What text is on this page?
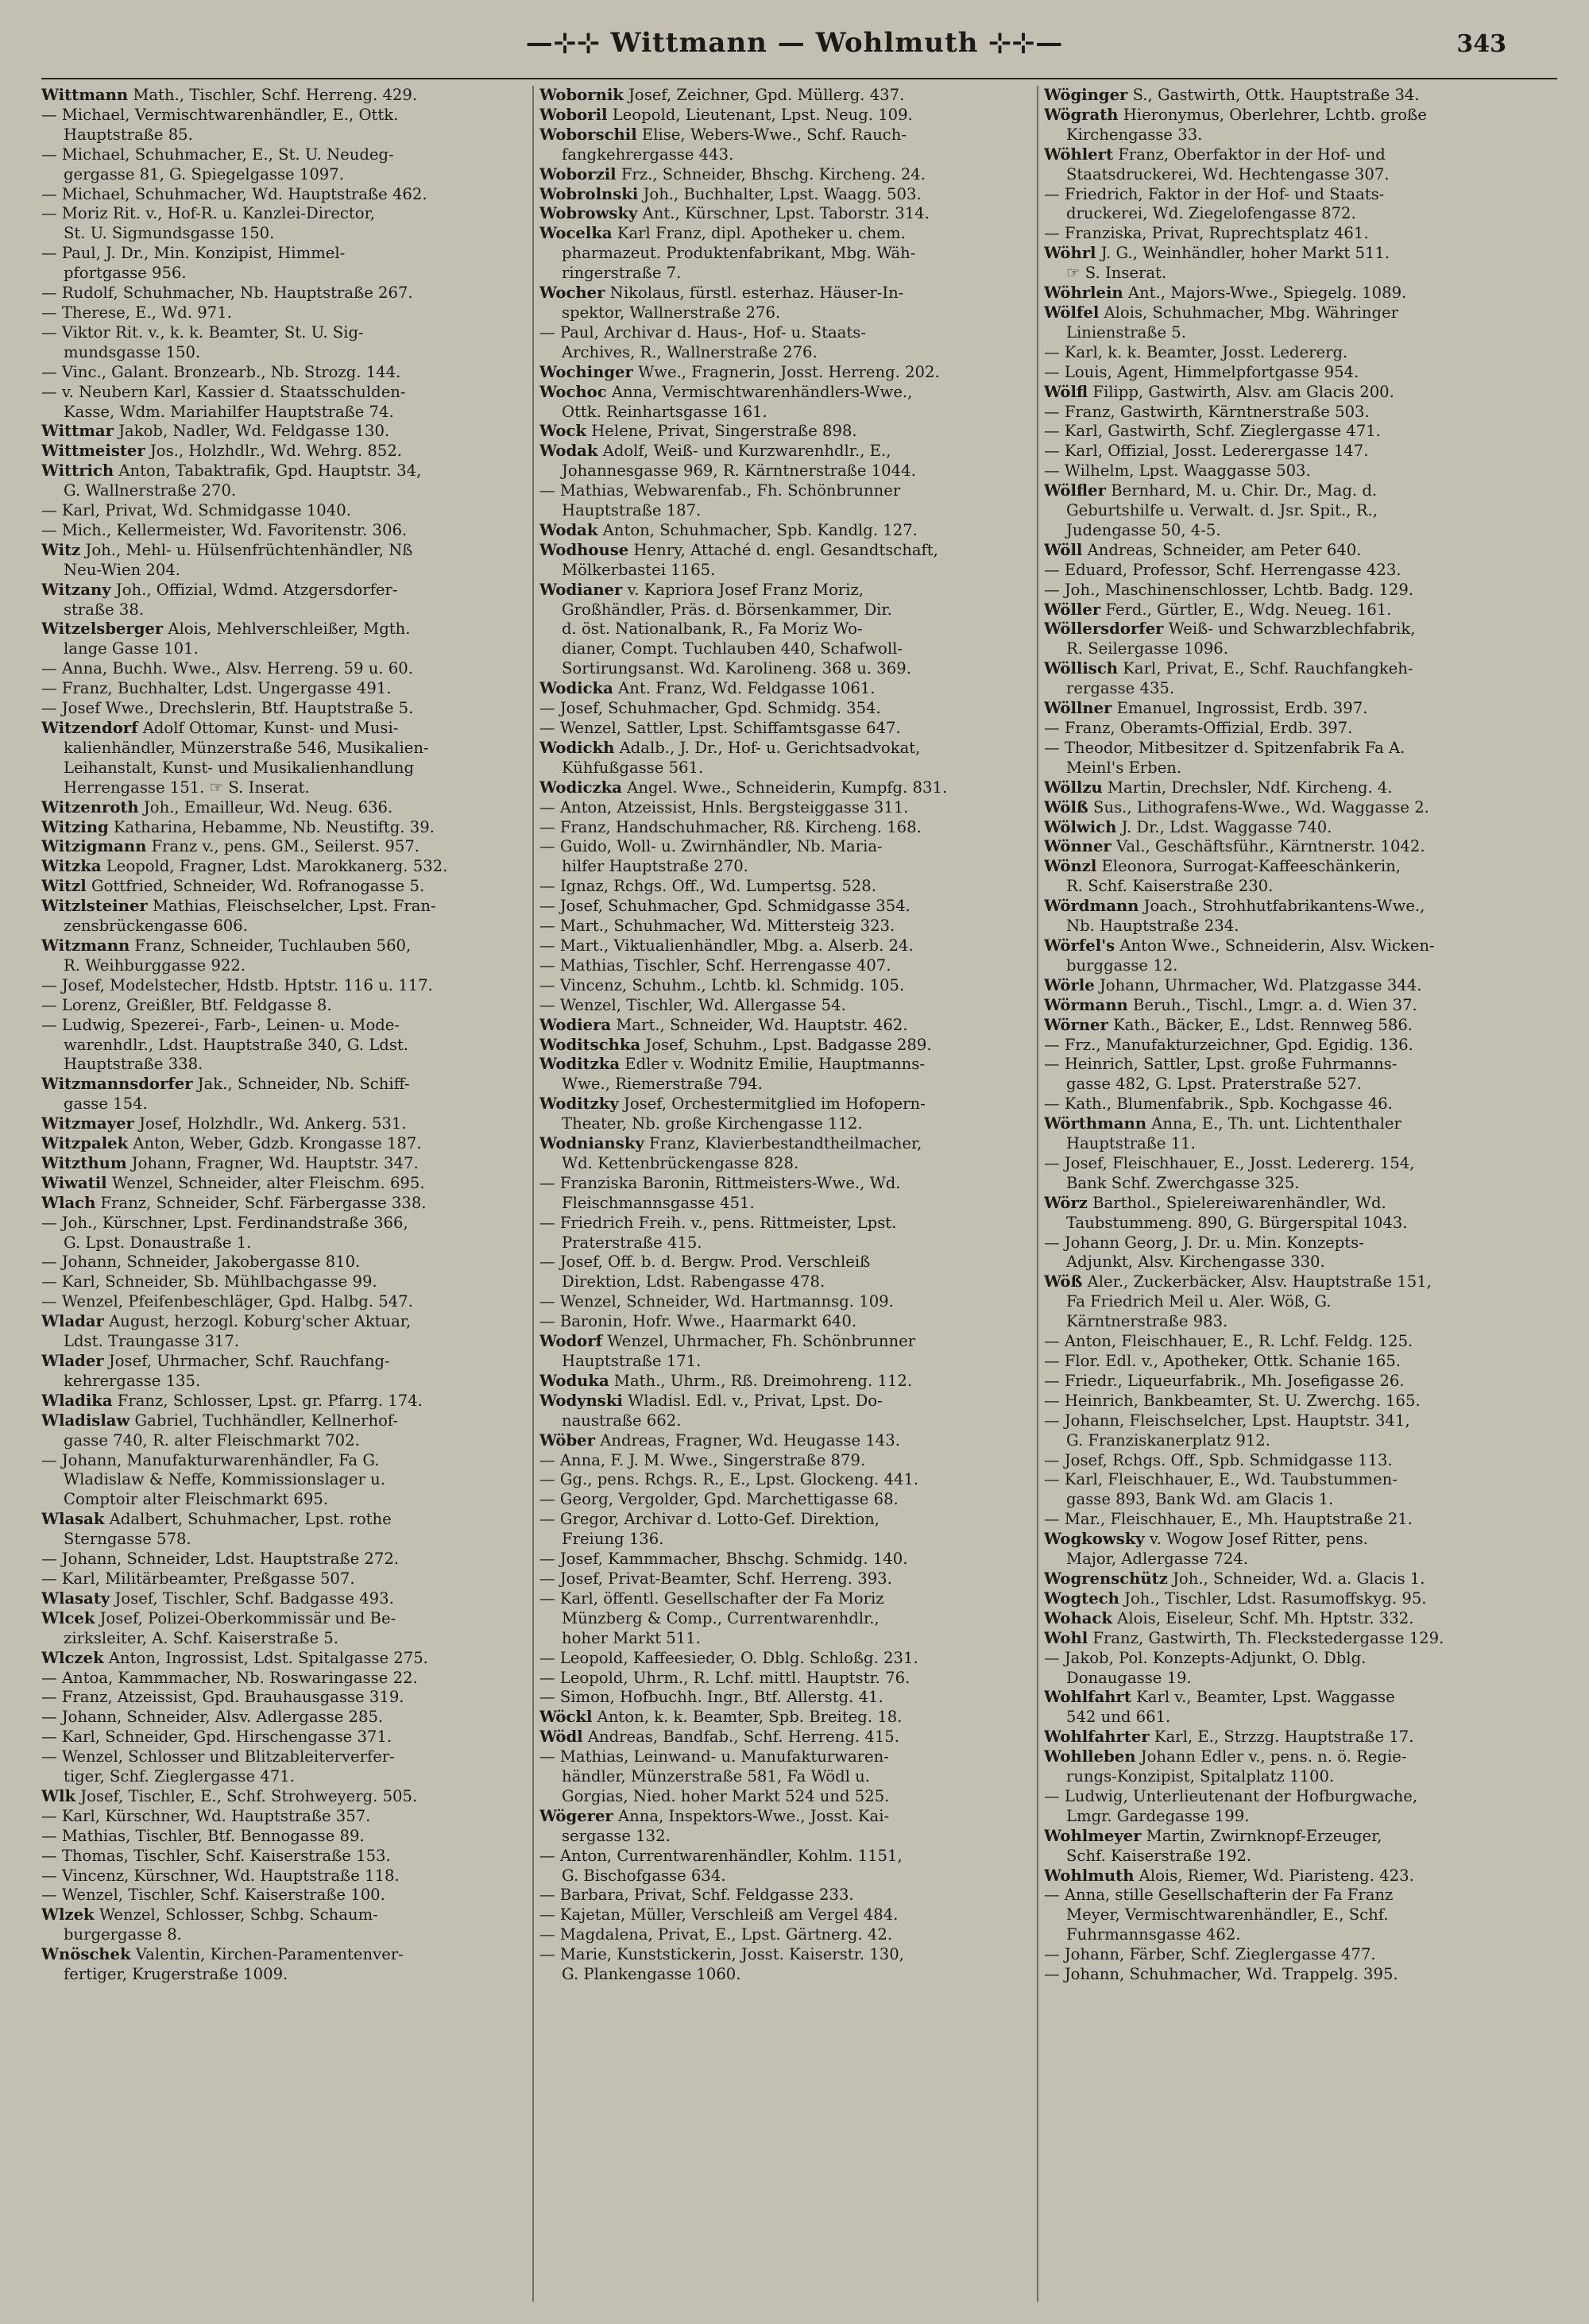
—⊹⊹ Wittmann — Wohlmuth ⊹⊹—	343
Wittmann Math., Tischler, Schf. Herreng. 429.
— Michael, Vermischtwarenhändler, E., Ottk.
Hauptstraße 85.
— Michael, Schuhmacher, E., St. U. Neudeg-
gergasse 81, G. Spiegelgasse 1097.
— Michael, Schuhmacher, Wd. Hauptstraße 462.
— Moriz Rit. v., Hof-R. u. Kanzlei-Director,
St. U. Sigmundsgasse 150.
— Paul, J. Dr., Min. Konzipist, Himmel-
pfortgasse 956.
— Rudolf, Schuhmacher, Nb. Hauptstraße 267.
— Therese, E., Wd. 971.
— Viktor Rit. v., k. k. Beamter, St. U. Sig-
mundsgasse 150.
— Vinc., Galant. Bronzearb., Nb. Strozg. 144.
— v. Neubern Karl, Kassier d. Staatsschulden-
Kasse, Wdm. Mariahilfer Hauptstraße 74.
Wittmar Jakob, Nadler, Wd. Feldgasse 130.
Wittmeister Jos., Holzhdlr., Wd. Wehrg. 852.
Wittrich Anton, Tabaktrafik, Gpd. Hauptstr. 34,
G. Wallnerstraße 270.
— Karl, Privat, Wd. Schmidgasse 1040.
— Mich., Kellermeister, Wd. Favoritenstr. 306.
Witz Joh., Mehl- u. Hülsenfrüchtenhändler, Nß
Neu-Wien 204.
Witzany Joh., Offizial, Wdmd. Atzgersdorfer-
straße 38.
Witzelsberger Alois, Mehlverschleißer, Mgth.
lange Gasse 101.
— Anna, Buchh. Wwe., Alsv. Herreng. 59 u. 60.
— Franz, Buchhalter, Ldst. Ungergasse 491.
— Josef Wwe., Drechslerin, Btf. Hauptstraße 5.
Witzendorf Adolf Ottomar, Kunst- und Musi-
kalienhändler, Münzerstraße 546, Musikalien-
Leihanstalt, Kunst- und Musikalienhandlung
Herrengasse 151. ☞ S. Inserat.
Witzenroth Joh., Emailleur, Wd. Neug. 636.
Witzing Katharina, Hebamme, Nb. Neustiftg. 39.
Witzigmann Franz v., pens. GM., Seilerst. 957.
Witzka Leopold, Fragner, Ldst. Marokkanerg. 532.
Witzl Gottfried, Schneider, Wd. Rofranogasse 5.
Witzlsteiner Mathias, Fleischselcher, Lpst. Fran-
zensbrückengasse 606.
Witzmann Franz, Schneider, Tuchlauben 560,
R. Weihburggasse 922.
— Josef, Modelstecher, Hdstb. Hptstr. 116 u. 117.
— Lorenz, Greißler, Btf. Feldgasse 8.
— Ludwig, Spezerei-, Farb-, Leinen- u. Mode-
warenhdlr., Ldst. Hauptstraße 340, G. Ldst.
Hauptstraße 338.
Witzmannsdorfer Jak., Schneider, Nb. Schiff-
gasse 154.
Witzmayer Josef, Holzhdlr., Wd. Ankerg. 531.
Witzpalek Anton, Weber, Gdzb. Krongasse 187.
Witzthum Johann, Fragner, Wd. Hauptstr. 347.
Wiwatil Wenzel, Schneider, alter Fleischm. 695.
Wlach Franz, Schneider, Schf. Färbergasse 338.
— Joh., Kürschner, Lpst. Ferdinandstraße 366,
G. Lpst. Donaustraße 1.
— Johann, Schneider, Jakobergasse 810.
— Karl, Schneider, Sb. Mühlbachgasse 99.
— Wenzel, Pfeifenbeschläger, Gpd. Halbg. 547.
Wladar August, herzogl. Koburg'scher Aktuar,
Ldst. Traungasse 317.
Wlader Josef, Uhrmacher, Schf. Rauchfang-
kehrergasse 135.
Wladika Franz, Schlosser, Lpst. gr. Pfarrg. 174.
Wladislaw Gabriel, Tuchhändler, Kellnerhof-
gasse 740, R. alter Fleischmarkt 702.
— Johann, Manufakturwarenhändler, Fa G.
Wladislaw & Neffe, Kommissionslager u.
Comptoir alter Fleischmarkt 695.
Wlasak Adalbert, Schuhmacher, Lpst. rothe
Sterngasse 578.
— Johann, Schneider, Ldst. Hauptstraße 272.
— Karl, Militärbeamter, Preßgasse 507.
Wlasaty Josef, Tischler, Schf. Badgasse 493.
Wlcek Josef, Polizei-Oberkommissär und Be-
zirksleiter, A. Schf. Kaiserstraße 5.
Wlczek Anton, Ingrossist, Ldst. Spitalgasse 275.
— Antoa, Kammmacher, Nb. Roswaringasse 22.
— Franz, Atzeissist, Gpd. Brauhausgasse 319.
— Johann, Schneider, Alsv. Adlergasse 285.
— Karl, Schneider, Gpd. Hirschengasse 371.
— Wenzel, Schlosser und Blitzableiterverfer-
tiger, Schf. Zieglergasse 471.
Wlk Josef, Tischler, E., Schf. Strohweyerg. 505.
— Karl, Kürschner, Wd. Hauptstraße 357.
— Mathias, Tischler, Btf. Bennogasse 89.
— Thomas, Tischler, Schf. Kaiserstraße 153.
— Vincenz, Kürschner, Wd. Hauptstraße 118.
— Wenzel, Tischler, Schf. Kaiserstraße 100.
Wlzek Wenzel, Schlosser, Schbg. Schaum-
burgergasse 8.
Wnöschek Valentin, Kirchen-Paramentenver-
fertiger, Krugerstraße 1009.
Wobornik Josef, Zeichner, Gpd. Müllerg. 437.
Woboril Leopold, Lieutenant, Lpst. Neug. 109.
Woborschil Elise, Webers-Wwe., Schf. Rauch-
fangkehrergasse 443.
Woborzil Frz., Schneider, Bhschg. Kircheng. 24.
Wobrolnski Joh., Buchhalter, Lpst. Waagg. 503.
Wobrowsky Ant., Kürschner, Lpst. Taborstr. 314.
Wocelka Karl Franz, dipl. Apotheker u. chem.
pharmazeut. Produktenfabrikant, Mbg. Wäh-
ringerstraße 7.
Wocher Nikolaus, fürstl. esterhaz. Häuser-In-
spektor, Wallnerstraße 276.
— Paul, Archivar d. Haus-, Hof- u. Staats-
Archives, R., Wallnerstraße 276.
Wochinger Wwe., Fragnerin, Josst. Herreng. 202.
Wochoc Anna, Vermischtwarenhändlers-Wwe.,
Ottk. Reinhartsgasse 161.
Wock Helene, Privat, Singerstraße 898.
Wodak Adolf, Weiß- und Kurzwarenhdlr., E.,
Johannesgasse 969, R. Kärntnerstraße 1044.
— Mathias, Webwarenfab., Fh. Schönbrunner
Hauptstraße 187.
Wodak Anton, Schuhmacher, Spb. Kandlg. 127.
Wodhouse Henry, Attaché d. engl. Gesandtschaft,
Mölkerbastei 1165.
Wodianer v. Kapriora Josef Franz Moriz,
Großhändler, Präs. d. Börsenkammer, Dir.
d. öst. Nationalbank, R., Fa Moriz Wo-
dianer, Compt. Tuchlauben 440, Schafwoll-
Sortirungsanst. Wd. Karolineng. 368 u. 369.
Wodicka Ant. Franz, Wd. Feldgasse 1061.
— Josef, Schuhmacher, Gpd. Schmidg. 354.
— Wenzel, Sattler, Lpst. Schiffamtsgasse 647.
Wodickh Adalb., J. Dr., Hof- u. Gerichtsadvokat,
Kühfußgasse 561.
Wodiczka Angel. Wwe., Schneiderin, Kumpfg. 831.
— Anton, Atzeissist, Hnls. Bergsteiggasse 311.
— Franz, Handschuhmacher, Rß. Kircheng. 168.
— Guido, Woll- u. Zwirnhändler, Nb. Maria-
hilfer Hauptstraße 270.
— Ignaz, Rchgs. Off., Wd. Lumpertsg. 528.
— Josef, Schuhmacher, Gpd. Schmidgasse 354.
— Mart., Schuhmacher, Wd. Mittersteig 323.
— Mart., Viktualienhändler, Mbg. a. Alserb. 24.
— Mathias, Tischler, Schf. Herrengasse 407.
— Vincenz, Schuhm., Lchtb. kl. Schmidg. 105.
— Wenzel, Tischler, Wd. Allergasse 54.
Wodiera Mart., Schneider, Wd. Hauptstr. 462.
Woditschka Josef, Schuhm., Lpst. Badgasse 289.
Woditzka Edler v. Wodnitz Emilie, Hauptmanns-
Wwe., Riemerstraße 794.
Woditzky Josef, Orchestermitglied im Hofopern-
Theater, Nb. große Kirchengasse 112.
Wodniansky Franz, Klavierbestandtheilmacher,
Wd. Kettenbrückengasse 828.
— Franziska Baronin, Rittmeisters-Wwe., Wd.
Fleischmannsgasse 451.
— Friedrich Freih. v., pens. Rittmeister, Lpst.
Praterstraße 415.
— Josef, Off. b. d. Bergw. Prod. Verschleiß
Direktion, Ldst. Rabengasse 478.
— Wenzel, Schneider, Wd. Hartmannsg. 109.
— Baronin, Hofr. Wwe., Haarmarkt 640.
Wodorf Wenzel, Uhrmacher, Fh. Schönbrunner
Hauptstraße 171.
Woduka Math., Uhrm., Rß. Dreimohreng. 112.
Wodynski Wladisl. Edl. v., Privat, Lpst. Do-
naustraße 662.
Wöber Andreas, Fragner, Wd. Heugasse 143.
— Anna, F. J. M. Wwe., Singerstraße 879.
— Gg., pens. Rchgs. R., E., Lpst. Glockeng. 441.
— Georg, Vergolder, Gpd. Marchettigasse 68.
— Gregor, Archivar d. Lotto-Gef. Direktion,
Freiung 136.
— Josef, Kammmacher, Bhschg. Schmidg. 140.
— Josef, Privat-Beamter, Schf. Herreng. 393.
— Karl, öffentl. Gesellschafter der Fa Moriz
Münzberg & Comp., Currentwarenhdlr.,
hoher Markt 511.
— Leopold, Kaffeesieder, O. Dblg. Schloßg. 231.
— Leopold, Uhrm., R. Lchf. mittl. Hauptstr. 76.
— Simon, Hofbuchh. Ingr., Btf. Allerstg. 41.
Wöckl Anton, k. k. Beamter, Spb. Breiteg. 18.
Wödl Andreas, Bandfab., Schf. Herreng. 415.
— Mathias, Leinwand- u. Manufakturwaren-
händler, Münzerstraße 581, Fa Wödl u.
Gorgias, Nied. hoher Markt 524 und 525.
Wögerer Anna, Inspektors-Wwe., Josst. Kai-
sergasse 132.
— Anton, Currentwarenhändler, Kohlm. 1151,
G. Bischofgasse 634.
— Barbara, Privat, Schf. Feldgasse 233.
— Kajetan, Müller, Verschleiß am Vergel 484.
— Magdalena, Privat, E., Lpst. Gärtnerg. 42.
— Marie, Kunststickerin, Josst. Kaiserstr. 130,
G. Plankengasse 1060.
Wöginger S., Gastwirth, Ottk. Hauptstraße 34.
Wögrath Hieronymus, Oberlehrer, Lchtb. große
Kirchengasse 33.
Wöhlert Franz, Oberfaktor in der Hof- und
Staatsdruckerei, Wd. Hechtengasse 307.
— Friedrich, Faktor in der Hof- und Staats-
druckerei, Wd. Ziegelofengasse 872.
— Franziska, Privat, Ruprechtsplatz 461.
Wöhrl J. G., Weinhändler, hoher Markt 511.
☞ S. Inserat.
Wöhrlein Ant., Majors-Wwe., Spiegelg. 1089.
Wölfel Alois, Schuhmacher, Mbg. Währinger
Linienstraße 5.
— Karl, k. k. Beamter, Josst. Ledererg.
— Louis, Agent, Himmelpfortgasse 954.
Wölfl Filipp, Gastwirth, Alsv. am Glacis 200.
— Franz, Gastwirth, Kärntnerstraße 503.
— Karl, Gastwirth, Schf. Zieglergasse 471.
— Karl, Offizial, Josst. Lederergasse 147.
— Wilhelm, Lpst. Waaggasse 503.
Wölfler Bernhard, M. u. Chir. Dr., Mag. d.
Geburtshilfe u. Verwalt. d. Jsr. Spit., R.,
Judengasse 50, 4-5.
Wöll Andreas, Schneider, am Peter 640.
— Eduard, Professor, Schf. Herrengasse 423.
— Joh., Maschinenschlosser, Lchtb. Badg. 129.
Wöller Ferd., Gürtler, E., Wdg. Neueg. 161.
Wöllersdorfer Weiß- und Schwarzblechfabrik,
R. Seilergasse 1096.
Wöllisch Karl, Privat, E., Schf. Rauchfangkeh-
rergasse 435.
Wöllner Emanuel, Ingrossist, Erdb. 397.
— Franz, Oberamts-Offizial, Erdb. 397.
— Theodor, Mitbesitzer d. Spitzenfabrik Fa A.
Meinl's Erben.
Wöllzu Martin, Drechsler, Ndf. Kircheng. 4.
Wölß Sus., Lithografens-Wwe., Wd. Waggasse 2.
Wölwich J. Dr., Ldst. Waggasse 740.
Wönner Val., Geschäftsführ., Kärntnerstr. 1042.
Wönzl Eleonora, Surrogat-Kaffeeschänkerin,
R. Schf. Kaiserstraße 230.
Wördmann Joach., Strohhutfabrikantens-Wwe.,
Nb. Hauptstraße 234.
Wörfel's Anton Wwe., Schneiderin, Alsv. Wicken-
burggasse 12.
Wörle Johann, Uhrmacher, Wd. Platzgasse 344.
Wörmann Beruh., Tischl., Lmgr. a. d. Wien 37.
Wörner Kath., Bäcker, E., Ldst. Rennweg 586.
— Frz., Manufakturzeichner, Gpd. Egidig. 136.
— Heinrich, Sattler, Lpst. große Fuhrmanns-
gasse 482, G. Lpst. Praterstraße 527.
— Kath., Blumenfabrik., Spb. Kochgasse 46.
Wörthmann Anna, E., Th. unt. Lichtenthaler
Hauptstraße 11.
— Josef, Fleischhauer, E., Josst. Ledererg. 154,
Bank Schf. Zwerchgasse 325.
Wörz Barthol., Spielereiwarenhändler, Wd.
Taubstummeng. 890, G. Bürgerspital 1043.
— Johann Georg, J. Dr. u. Min. Konzepts-
Adjunkt, Alsv. Kirchengasse 330.
Wöß Aler., Zuckerbäcker, Alsv. Hauptstraße 151,
Fa Friedrich Meil u. Aler. Wöß, G.
Kärntnerstraße 983.
— Anton, Fleischhauer, E., R. Lchf. Feldg. 125.
— Flor. Edl. v., Apotheker, Ottk. Schanie 165.
— Friedr., Liqueurfabrik., Mh. Josefigasse 26.
— Heinrich, Bankbeamter, St. U. Zwerchg. 165.
— Johann, Fleischselcher, Lpst. Hauptstr. 341,
G. Franziskanerplatz 912.
— Josef, Rchgs. Off., Spb. Schmidgasse 113.
— Karl, Fleischhauer, E., Wd. Taubstummen-
gasse 893, Bank Wd. am Glacis 1.
— Mar., Fleischhauer, E., Mh. Hauptstraße 21.
Wogkowsky v. Wogow Josef Ritter, pens.
Major, Adlergasse 724.
Wogrenschütz Joh., Schneider, Wd. a. Glacis 1.
Wogtech Joh., Tischler, Ldst. Rasumoffskyg. 95.
Wohack Alois, Eiseleur, Schf. Mh. Hptstr. 332.
Wohl Franz, Gastwirth, Th. Fleckstedergasse 129.
— Jakob, Pol. Konzepts-Adjunkt, O. Dblg.
Donaugasse 19.
Wohlfahrt Karl v., Beamter, Lpst. Waggasse
542 und 661.
Wohlfahrter Karl, E., Strzzg. Hauptstraße 17.
Wohlleben Johann Edler v., pens. n. ö. Regie-
rungs-Konzipist, Spitalplatz 1100.
— Ludwig, Unterlieutenant der Hofburgwache,
Lmgr. Gardegasse 199.
Wohlmeyer Martin, Zwirnknopf-Erzeuger,
Schf. Kaiserstraße 192.
Wohlmuth Alois, Riemer, Wd. Piaristeng. 423.
— Anna, stille Gesellschafterin der Fa Franz
Meyer, Vermischtwarenhändler, E., Schf.
Fuhrmannsgasse 462.
— Johann, Färber, Schf. Zieglergasse 477.
— Johann, Schuhmacher, Wd. Trappelg. 395.
